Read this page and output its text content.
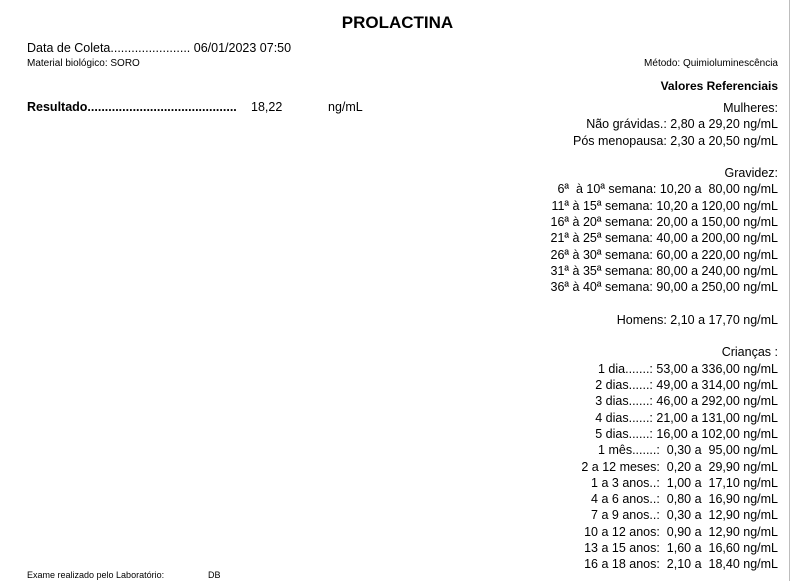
PROLACTINA
Data de Coleta....................... 06/01/2023 07:50
Material biológico: SORO	Método: Quimioluminescência
Valores Referenciais
Resultado........................................... 18,22	ng/mL	Mulheres:
Não grávidas.: 2,80 a 29,20 ng/mL
Pós menopausa: 2,30 a 20,50 ng/mL
Gravidez:
6ª  à 10ª semana: 10,20 a  80,00 ng/mL
11ª à 15ª semana: 10,20 a 120,00 ng/mL
16ª à 20ª semana: 20,00 a 150,00 ng/mL
21ª à 25ª semana: 40,00 a 200,00 ng/mL
26ª à 30ª semana: 60,00 a 220,00 ng/mL
31ª à 35ª semana: 80,00 a 240,00 ng/mL
36ª à 40ª semana: 90,00 a 250,00 ng/mL
Homens: 2,10 a 17,70 ng/mL
Crianças :
1 dia.......: 53,00 a 336,00 ng/mL
2 dias......: 49,00 a 314,00 ng/mL
3 dias......: 46,00 a 292,00 ng/mL
4 dias......: 21,00 a 131,00 ng/mL
5 dias......: 16,00 a 102,00 ng/mL
1 mês.......:  0,30 a  95,00 ng/mL
2 a 12 meses:  0,20 a  29,90 ng/mL
1 a 3 anos..:  1,00 a  17,10 ng/mL
4 a 6 anos..:  0,80 a  16,90 ng/mL
7 a 9 anos..:  0,30 a  12,90 ng/mL
10 a 12 anos:  0,90 a  12,90 ng/mL
13 a 15 anos:  1,60 a  16,60 ng/mL
16 a 18 anos:  2,10 a  18,40 ng/mL
Exame realizado pelo Laboratório:	DB
